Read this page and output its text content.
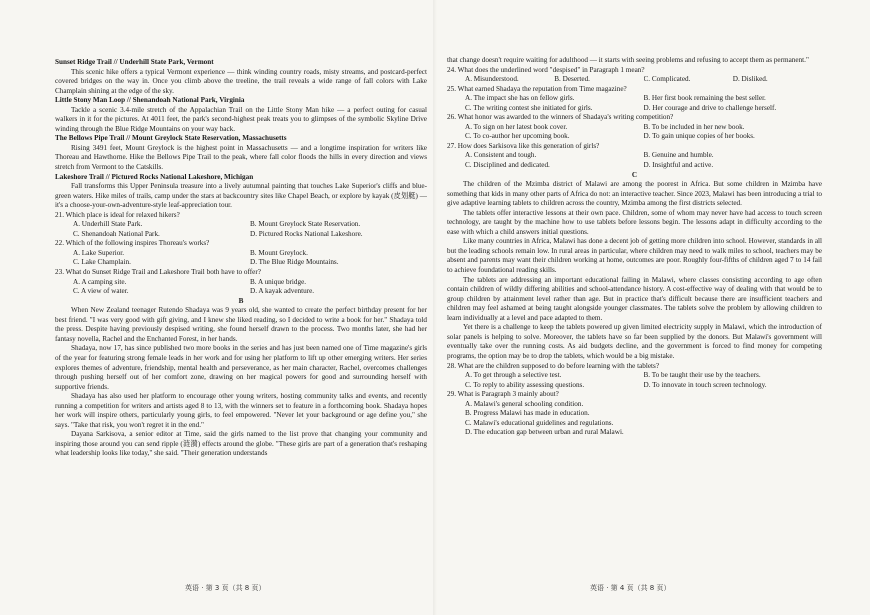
Sunset Ridge Trail // Underhill State Park, Vermont

This scenic hike offers a typical Vermont experience — think winding country roads, misty streams, and postcard-perfect covered bridges on the way in. Once you climb above the treeline, the trail reveals a wide range of fall colors with Lake Champlain shining at the edge of the sky.

Little Stony Man Loop // Shenandoah National Park, Virginia

Tackle a scenic 3.4-mile stretch of the Appalachian Trail on the Little Stony Man hike — a perfect outing for casual walkers in it for the pictures. At 4011 feet, the park's second-highest peak treats you to glimpses of the symbolic Skyline Drive winding through the Blue Ridge Mountains on your way back.

The Bellows Pipe Trail // Mount Greylock State Reservation, Massachusetts

Rising 3491 feet, Mount Greylock is the highest point in Massachusetts — and a longtime inspiration for writers like Thoreau and Hawthorne. Hike the Bellows Pipe Trail to the peak, where fall color floods the hills in every direction and views stretch from Vermont to the Catskills.

Lakeshore Trail // Pictured Rocks National Lakeshore, Michigan

Fall transforms this Upper Peninsula treasure into a lively autumnal painting that touches Lake Superior's cliffs and blue-green waters. Hike miles of trails, camp under the stars at backcountry sites like Chapel Beach, or explore by kayak (皮划艇) — it's a choose-your-own-adventure-style leaf-appreciation tour.

21. Which place is ideal for relaxed hikers?

A. Underhill State Park.	B. Mount Greylock State Reservation.
C. Shenandoah National Park.	D. Pictured Rocks National Lakeshore.

22. Which of the following inspires Thoreau's works?

A. Lake Superior.	B. Mount Greylock.
C. Lake Champlain.	D. The Blue Ridge Mountains.

23. What do Sunset Ridge Trail and Lakeshore Trail both have to offer?

A. A camping site.	B. A unique bridge.
C. A view of water.	D. A kayak adventure.

B

When New Zealand teenager Rutendo Shadaya was 9 years old, she wanted to create the perfect birthday present for her best friend. "I was very good with gift giving, and I knew she liked reading, so I decided to write a book for her." Shadaya told the press. Despite having previously despised writing, she found herself drawn to the process. Two months later, she had her fantasy novella, Rachel and the Enchanted Forest, in her hands.

Shadaya, now 17, has since published two more books in the series and has just been named one of Time magazine's girls of the year for featuring strong female leads in her work and for using her platform to lift up other emerging writers. Her series explores themes of adventure, friendship, mental health and perseverance, as her main character, Rachel, overcomes challenges through pushing herself out of her comfort zone, drawing on her magical powers for good and surrounding herself with supportive friends.

Shadaya has also used her platform to encourage other young writers, hosting community talks and events, and recently running a competition for writers and artists aged 8 to 13, with the winners set to feature in a forthcoming book. Shadaya hopes her work will inspire others, particularly young girls, to feel empowered. "Never let your background or age define you," she says. "Take that risk, you won't regret it in the end."

Dayana Sarkisova, a senior editor at Time, said the girls named to the list prove that changing your community and inspiring those around you can send ripple (涟漪) effects around the globe. "These girls are part of a generation that's reshaping what leadership looks like today," she said. "Their generation understands

英语 · 第 3 页（共 8 页）

that change doesn't require waiting for adulthood — it starts with seeing problems and refusing to accept them as permanent."

24. What does the underlined word "despised" in Paragraph 1 mean?

A. Misunderstood.	B. Deserted.	C. Complicated.	D. Disliked.

25. What earned Shadaya the reputation from Time magazine?

A. The impact she has on fellow girls.	B. Her first book remaining the best seller.
C. The writing contest she initiated for girls.	D. Her courage and drive to challenge herself.

26. What honor was awarded to the winners of Shadaya's writing competition?

A. To sign on her latest book cover.	B. To be included in her new book.
C. To co-author her upcoming book.	D. To gain unique copies of her books.

27. How does Sarkisova like this generation of girls?

A. Consistent and tough.	B. Genuine and humble.
C. Disciplined and dedicated.	D. Insightful and active.

C

The children of the Mzimba district of Malawi are among the poorest in Africa. But some children in Mzimba have something that kids in many other parts of Africa do not: an interactive teacher. Since 2023, Malawi has been introducing a trial to give adaptive learning tablets to children across the country, Mzimba among the first districts selected.

The tablets offer interactive lessons at their own pace. Children, some of whom may never have had access to touch screen technology, are taught by the machine how to use tablets before lessons begin. The lessons adapt in difficulty according to the ease with which a child answers initial questions.

Like many countries in Africa, Malawi has done a decent job of getting more children into school. However, standards in all but the leading schools remain low. In rural areas in particular, where children may need to walk miles to school, teachers may be absent and parents may want their children working at home, outcomes are poor. Roughly four-fifths of children aged 7 to 14 fail to achieve foundational reading skills.

The tablets are addressing an important educational failing in Malawi, where classes consisting according to age often contain children of wildly differing abilities and school-attendance history. A cost-effective way of dealing with that would be to group children by attainment level rather than age. But in practice that's difficult because there are insufficient teachers and children may feel ashamed at being taught alongside younger classmates. The tablets solve the problem by allowing children to learn individually at a level and pace adapted to them.

Yet there is a challenge to keep the tablets powered up given limited electricity supply in Malawi, which the introduction of solar panels is helping to solve. Moreover, the tablets have so far been supplied by the donors. But Malawi's government will eventually take over the running costs. As aid budgets decline, and the government is forced to find money for competing programs, the option may be to drop the tablets, which would be a big mistake.

28. What are the children supposed to do before learning with the tablets?

A. To get through a selective test.	B. To be taught their use by the teachers.
C. To reply to ability assessing questions.	D. To innovate in touch screen technology.

29. What is Paragraph 3 mainly about?

A. Malawi's general schooling condition.

B. Progress Malawi has made in education.

C. Malawi's educational guidelines and regulations.

D. The education gap between urban and rural Malawi.

英语 · 第 4 页（共 8 页）
